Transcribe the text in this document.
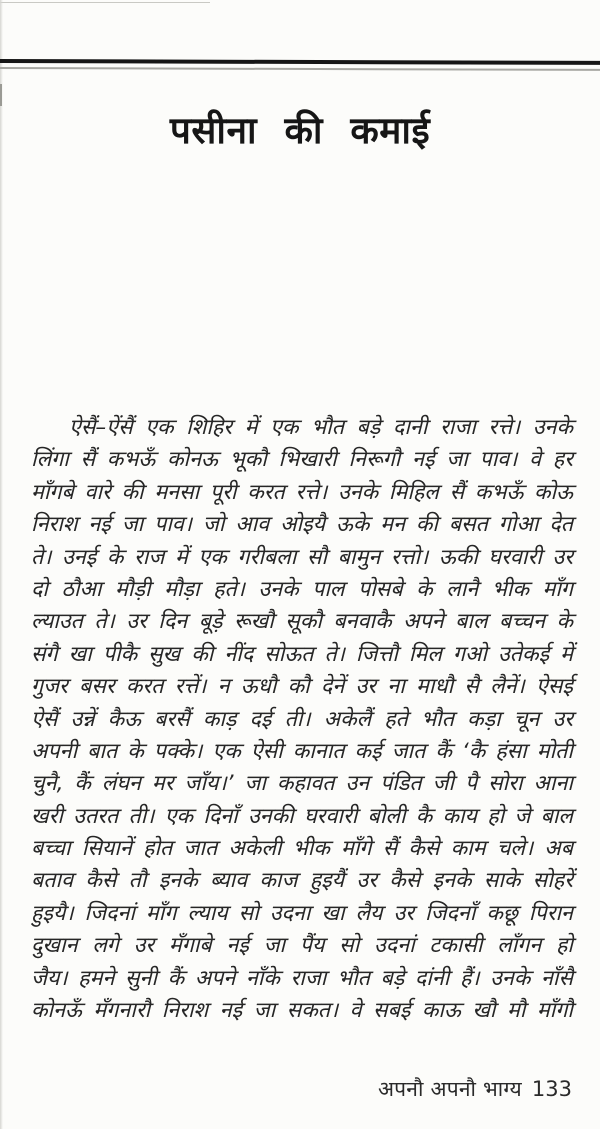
पसीना की कमाई
ऐसैं–ऐंसैं एक शिहिर में एक भौत बड़े दानी राजा रत्ते। उनके
लिंगा सैं कभऊँ कोनऊ भूकौ भिखारी निरूगौ नई जा पाव। वे हर
माँगबे वारे की मनसा पूरी करत रत्ते। उनके मिहिल सैं कभऊँ कोऊ
निराश नई जा पाव। जो आव ओइयै ऊके मन की बसत गोआ देत
ते। उनई के राज में एक गरीबला सौ बामुन रत्तो। ऊकी घरवारी उर
दो ठौआ मौड़ी मौड़ा हते। उनके पाल पोसबे के लानै भीक माँग
ल्याउत ते। उर दिन बूड़े रूखौ सूकौ बनवाकै अपने बाल बच्चन के
संगै खा पीकै सुख की नींद सोऊत ते। जित्तौ मिल गओ उतेकई में
गुजर बसर करत रत्तें। न ऊधौ कौ देनें उर ना माधौ सै लैनें। ऐसई
ऐसैं उन्नें कैऊ बरसैं काड़ दई ती। अकेलैं हते भौत कड़ा चून उर
अपनी बात के पक्के। एक ऐसी कानात कई जात कैं ‘कै हंसा मोती
चुनै, कैं लंघन मर जाँय।’ जा कहावत उन पंडित जी पै सोरा आना
खरी उतरत ती। एक दिनाँ उनकी घरवारी बोली कै काय हो जे बाल
बच्चा सियानें होत जात अकेली भीक माँगे सैं कैसे काम चले। अब
बताव कैसे तौ इनके ब्याव काज हुइयैं उर कैसे इनके साके सोहरें
हुइयै। जिदनां माँग ल्याय सो उदना खा लैय उर जिदनाँ कछू पिरान
दुखान लगे उर मँगाबे नई जा पैंय सो उदनां टकासी लाँगन हो
जैय। हमने सुनी कैं अपने नाँके राजा भौत बड़े दांनी हैं। उनके नाँसै
कोनऊँ मँगनारौ निराश नई जा सकत। वे सबई काऊ खौ मौ माँगौ
अपनौ अपनौ भाग्य 133
